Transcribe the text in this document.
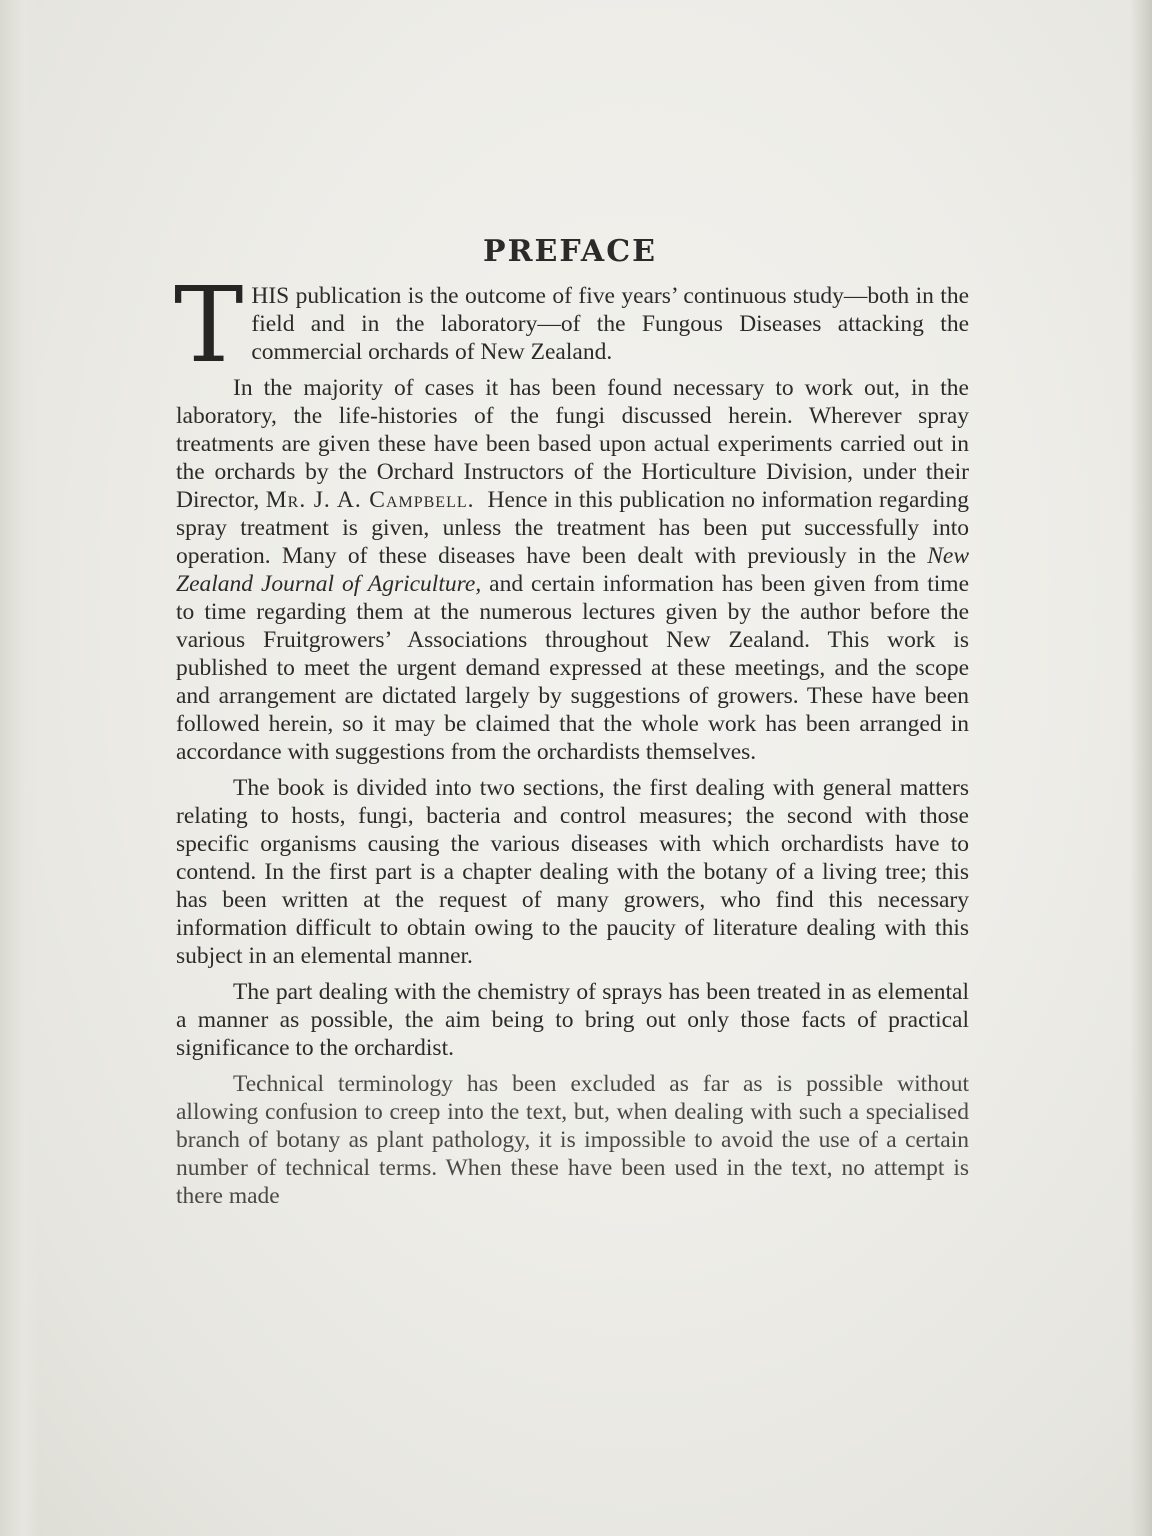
PREFACE

THIS publication is the outcome of five years’ continuous study—both in the field and in the laboratory—of the Fungous Diseases attacking the commercial orchards of New Zealand.

In the majority of cases it has been found necessary to work out, in the laboratory, the life-histories of the fungi discussed herein. Wherever spray treatments are given these have been based upon actual experiments carried out in the orchards by the Orchard Instructors of the Horticulture Division, under their Director, Mr. J. A. Campbell. Hence in this publication no information regarding spray treatment is given, unless the treatment has been put successfully into operation. Many of these diseases have been dealt with previously in the New Zealand Journal of Agriculture, and certain information has been given from time to time regarding them at the numerous lectures given by the author before the various Fruitgrowers’ Associations throughout New Zealand. This work is published to meet the urgent demand expressed at these meetings, and the scope and arrangement are dictated largely by suggestions of growers. These have been followed herein, so it may be claimed that the whole work has been arranged in accordance with suggestions from the orchardists themselves.

The book is divided into two sections, the first dealing with general matters relating to hosts, fungi, bacteria and control measures; the second with those specific organisms causing the various diseases with which orchardists have to contend. In the first part is a chapter dealing with the botany of a living tree; this has been written at the request of many growers, who find this necessary information difficult to obtain owing to the paucity of literature dealing with this subject in an elemental manner.

The part dealing with the chemistry of sprays has been treated in as elemental a manner as possible, the aim being to bring out only those facts of practical significance to the orchardist.

Technical terminology has been excluded as far as is possible without allowing confusion to creep into the text, but, when dealing with such a specialised branch of botany as plant pathology, it is impossible to avoid the use of a certain number of technical terms. When these have been used in the text, no attempt is there made
